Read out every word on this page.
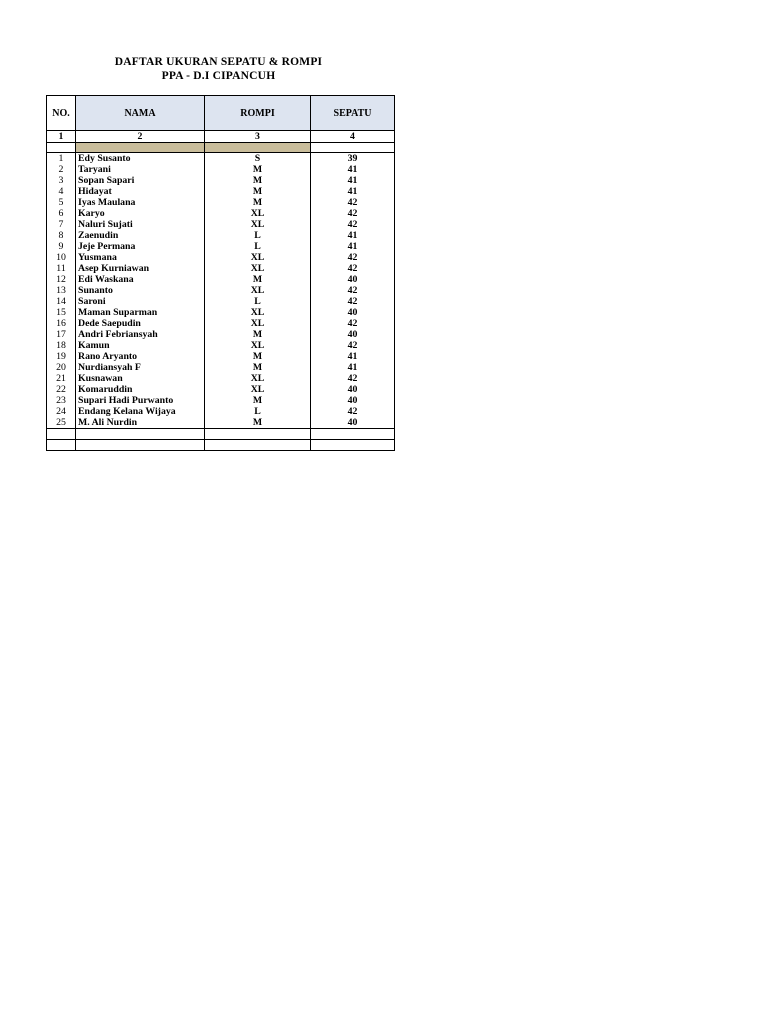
DAFTAR UKURAN SEPATU & ROMPI
PPA - D.I CIPANCUH
NO.	NAMA	ROMPI	SEPATU
1	2	3	4

1	Edy Susanto	S	39
2	Taryani	M	41
3	Sopan Sapari	M	41
4	Hidayat	M	41
5	Iyas Maulana	M	42
6	Karyo	XL	42
7	Naluri Sujati	XL	42
8	Zaenudin	L	41
9	Jeje Permana	L	41
10	Yusmana	XL	42
11	Asep Kurniawan	XL	42
12	Edi Waskana	M	40
13	Sunanto	XL	42
14	Saroni	L	42
15	Maman Suparman	XL	40
16	Dede Saepudin	XL	42
17	Andri Febriansyah	M	40
18	Kamun	XL	42
19	Rano Aryanto	M	41
20	Nurdiansyah F	M	41
21	Kusnawan	XL	42
22	Komaruddin	XL	40
23	Supari Hadi Purwanto	M	40
24	Endang Kelana Wijaya	L	42
25	M. Ali Nurdin	M	40
